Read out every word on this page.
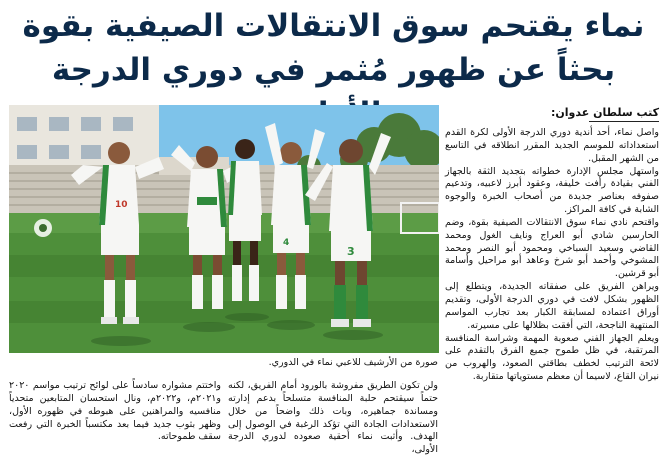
نماء يقتحم سوق الانتقالات الصيفية بقوة
بحثاً عن ظهور مُثمر في دوري الدرجة
كتب سلطان عدوان:
10
4
3
صورة من الأرشيف للاعبي نماء في الدوري.

واصل نماء، أحد أندية دوري الدرجة الأولى لكرة القدم استعداداته للموسم الجديد المقرر انطلاقه في التاسع من الشهر المقبل.

واستهل مجلس الإدارة خطواته بتجديد الثقة بالجهاز الفني بقيادة رأفت خليفة، وعقود أبرز لاعبيه، وتدعيم صفوفه بعناصر جديدة من أصحاب الخبرة والوجوه الشابة في كافة المراكز.

واقتحم نادي نماء سوق الانتقالات الصيفية بقوة، وضم الحارسين شادي أبو العراج ونايف الغول ومحمد القاضي وسعيد السباخي ومحمود أبو النصر ومحمد المشوخي وأحمد أبو شرخ وعاهد أبو مراحيل وأسامة أبو قرشين.

ويراهن الفريق على صفقاته الجديدة، ويتطلع إلى الظهور بشكل لافت في دوري الدرجة الأولى، وتقديم أوراق اعتماده لمسابقة الكبار بعد تجارب المواسم المنتهية الناجحة، التي أفقت بظلالها على مسيرته.

ويعلم الجهاز الفني صعوبة المهمة وشراسة المنافسة المرتقبة، في ظل طموح جميع الفرق بالتقدم على لائحة الترتيب لخطف بطاقتي الصعود، والهروب من نيران القاع، لاسيما أن معظم مستوياتها متقاربة.

ولن تكون الطريق مفروشة بالورود أمام الفريق، لكنه حتماً سيقتحم حلبة المنافسة متسلحاً بدعم إدارته ومساندة جماهيره، وبات ذلك واضحاً من خلال الاستعدادات الجادة التي تؤكد الرغبة في الوصول إلى الهدف. وأثبت نماء أحقية صعوده لدوري الدرجة الأولى،

واختتم مشواره سادساً على لوائح ترتيب مواسم ٢٠٢٠ و٢٠٢١م، و٢٠٢٢م، ونال استحسان المتابعين متحدياً منافسيه والمراهنين على هبوطه في ظهوره الأول، وظهر بثوب جديد فيما بعد مكتسباً الخبرة التي رفعت سقف طموحاته.
